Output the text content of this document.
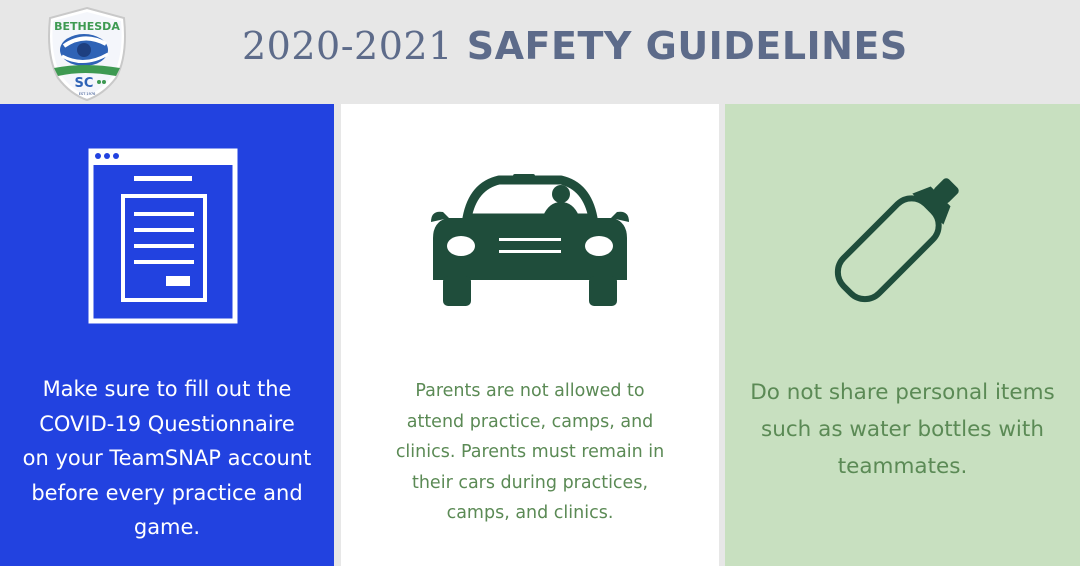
BETHESDA
SC
EST 1976
2020-2021 SAFETY GUIDELINES
Make sure to fill out the
COVID-19 Questionnaire
on your TeamSNAP account
before every practice and
game.
Parents are not allowed to
attend practice, camps, and
clinics. Parents must remain in
their cars during practices,
camps, and clinics.
Do not share personal items
such as water bottles with
teammates.
